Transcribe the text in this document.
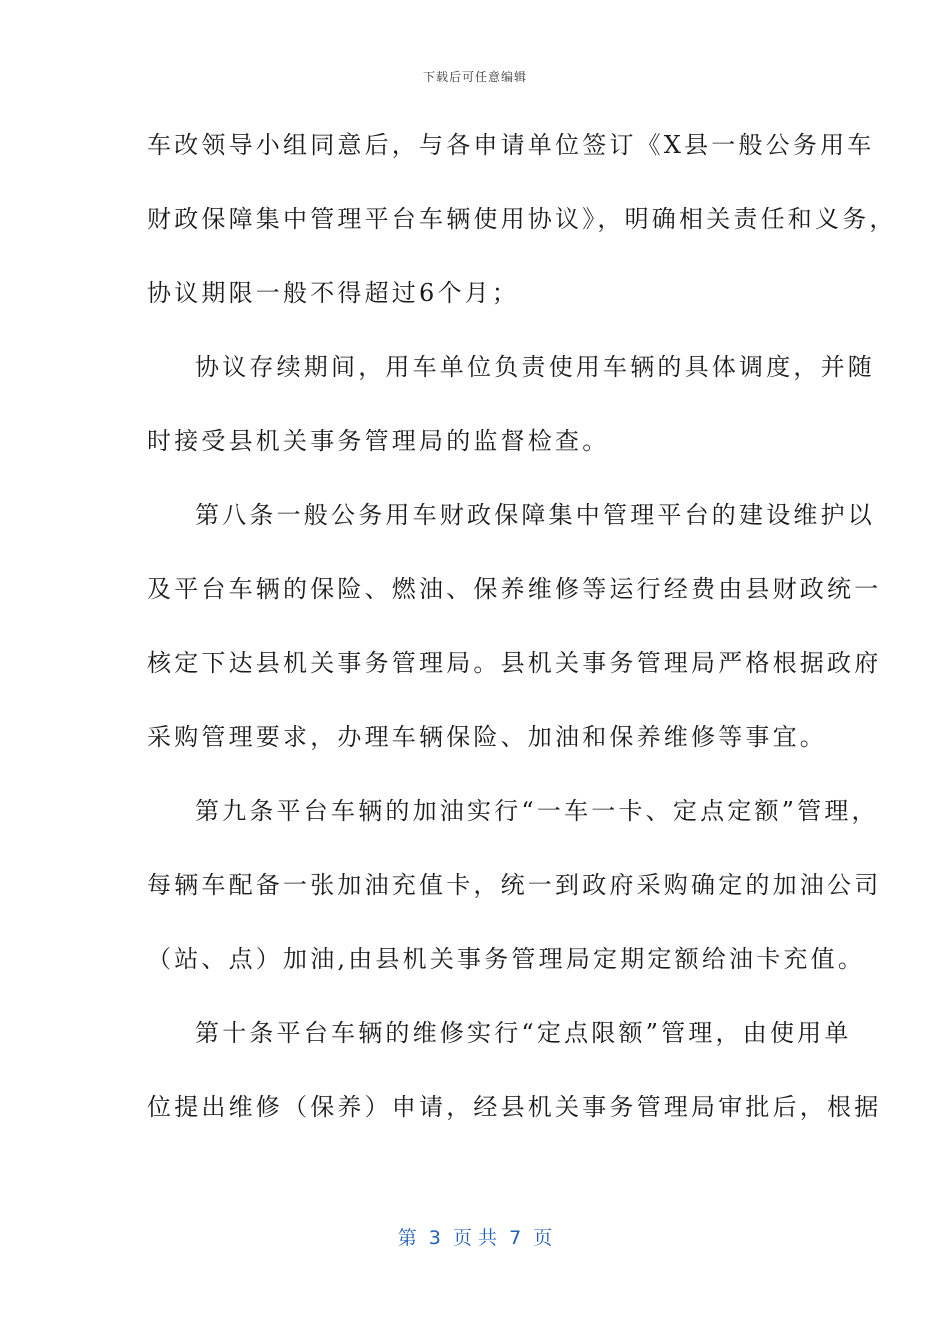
下载后可任意编辑
车改领导小组同意后，与各申请单位签订《X县一般公务用车
财政保障集中管理平台车辆使用协议》，明确相关责任和义务，
协议期限一般不得超过6个月；
协议存续期间，用车单位负责使用车辆的具体调度，并随
时接受县机关事务管理局的监督检查。
第八条一般公务用车财政保障集中管理平台的建设维护以
及平台车辆的保险、燃油、保养维修等运行经费由县财政统一
核定下达县机关事务管理局。县机关事务管理局严格根据政府
采购管理要求，办理车辆保险、加油和保养维修等事宜。
第九条平台车辆的加油实行“一车一卡、定点定额”管理，
每辆车配备一张加油充值卡，统一到政府采购确定的加油公司
（站、点）加油,由县机关事务管理局定期定额给油卡充值。
第十条平台车辆的维修实行“定点限额”管理，由使用单
位提出维修（保养）申请，经县机关事务管理局审批后，根据
第  3  页 共  7  页
